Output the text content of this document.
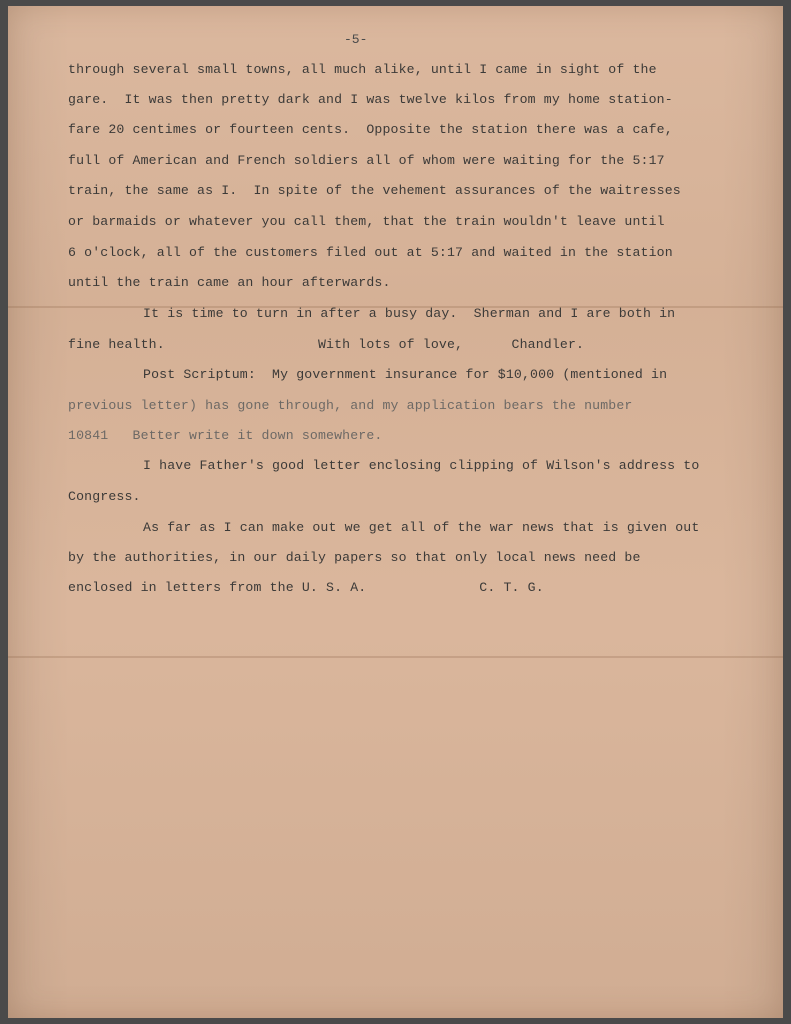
-5-
through several small towns, all much alike, until I came in sight of the
gare.  It was then pretty dark and I was twelve kilos from my home station-
fare 20 centimes or fourteen cents.  Opposite the station there was a cafe,
full of American and French soldiers all of whom were waiting for the 5:17
train, the same as I.  In spite of the vehement assurances of the waitresses
or barmaids or whatever you call them, that the train wouldn't leave until
6 o'clock, all of the customers filed out at 5:17 and waited in the station
until the train came an hour afterwards.
It is time to turn in after a busy day.  Sherman and I are both in
fine health.                   With lots of love,      Chandler.
Post Scriptum:  My government insurance for $10,000 (mentioned in
previous letter) has gone through, and my application bears the number
10841   Better write it down somewhere.
I have Father's good letter enclosing clipping of Wilson's address to
Congress.
As far as I can make out we get all of the war news that is given out
by the authorities, in our daily papers so that only local news need be
enclosed in letters from the U. S. A.              C. T. G.
